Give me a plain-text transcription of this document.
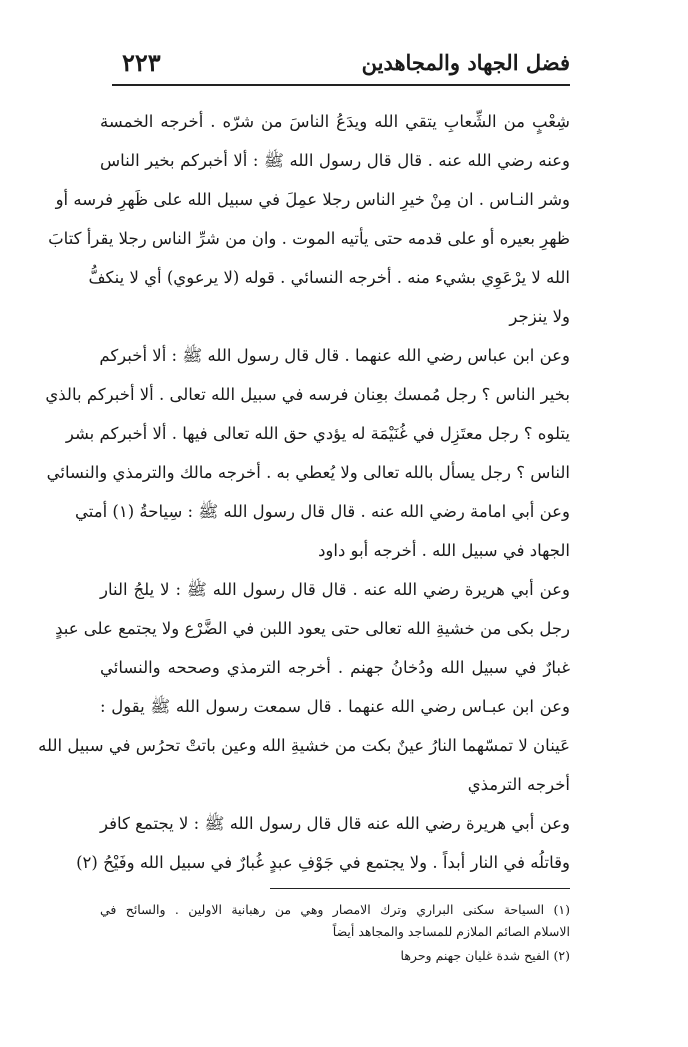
فضل الجهاد والمجاهدين
٢٢٣
شِعْبٍ من الشِّعابِ يتقي الله ويدَعُ الناسَ من شرّه . أخرجه الخمسة
وعنه رضي الله عنه . قال قال رسول الله ﷺ : ألا أخبركم بخير الناس
وشر النـاس . ان مِنْ خيرِ الناس رجلا عمِلَ في سبيل الله على ظَهرِ فرسه أو
ظهرِ بعيره أو على قدمه حتى يأتيه الموت . وان من شرِّ الناس رجلا يقرأ كتابَ
الله لا يرْعَوِي بشيء منه . أخرجه النسائي . قوله (لا يرعوي) أي لا ينكفُّ
ولا ينزجر
وعن ابن عباس رضي الله عنهما . قال قال رسول الله ﷺ : ألا أخبركم
بخير الناس ؟ رجل مُمسك بعِنان فرسه في سبيل الله تعالى . ألا أخبركم بالذي
يتلوه ؟ رجل معتَزِل في غُنَيْمَة له يؤدي حق الله تعالى فيها . ألا أخبركم بشر
الناس ؟ رجل يسأل بالله تعالى ولا يُعطي به . أخرجه مالك والترمذي والنسائي
وعن أبي امامة رضي الله عنه . قال قال رسول الله ﷺ : سِياحةُ (١) أمتي
الجهاد في سبيل الله . أخرجه أبو داود
وعن أبي هريرة رضي الله عنه . قال قال رسول الله ﷺ : لا يلجُ النار
رجل بكى من خشيةِ الله تعالى حتى يعود اللبن في الضَّرْع ولا يجتمع على عبدٍ
غبارٌ في سبيل الله ودُخانُ جهنم . أخرجه الترمذي وصححه والنسائي
وعن ابن عبـاس رضي الله عنهما . قال سمعت رسول الله ﷺ يقول :
عَينان لا تمسّهما النارُ عينٌ بكت من خشيةِ الله وعين باتتْ تحرُس في سبيل الله
أخرجه الترمذي
وعن أبي هريرة رضي الله عنه قال قال رسول الله ﷺ : لا يجتمع كافر
وقاتلُه في النار أبداً . ولا يجتمع في جَوْفِ عبدٍ غُبارٌ في سبيل الله وفَيْحُ (٢)
(١) السياحة سكنى البراري وترك الامصار وهي من رهبانية الاولين . والسائح في
الاسلام الصائم الملازم للمساجد والمجاهد أيضاً
(٢) الفيح شدة غليان جهنم وحرها
